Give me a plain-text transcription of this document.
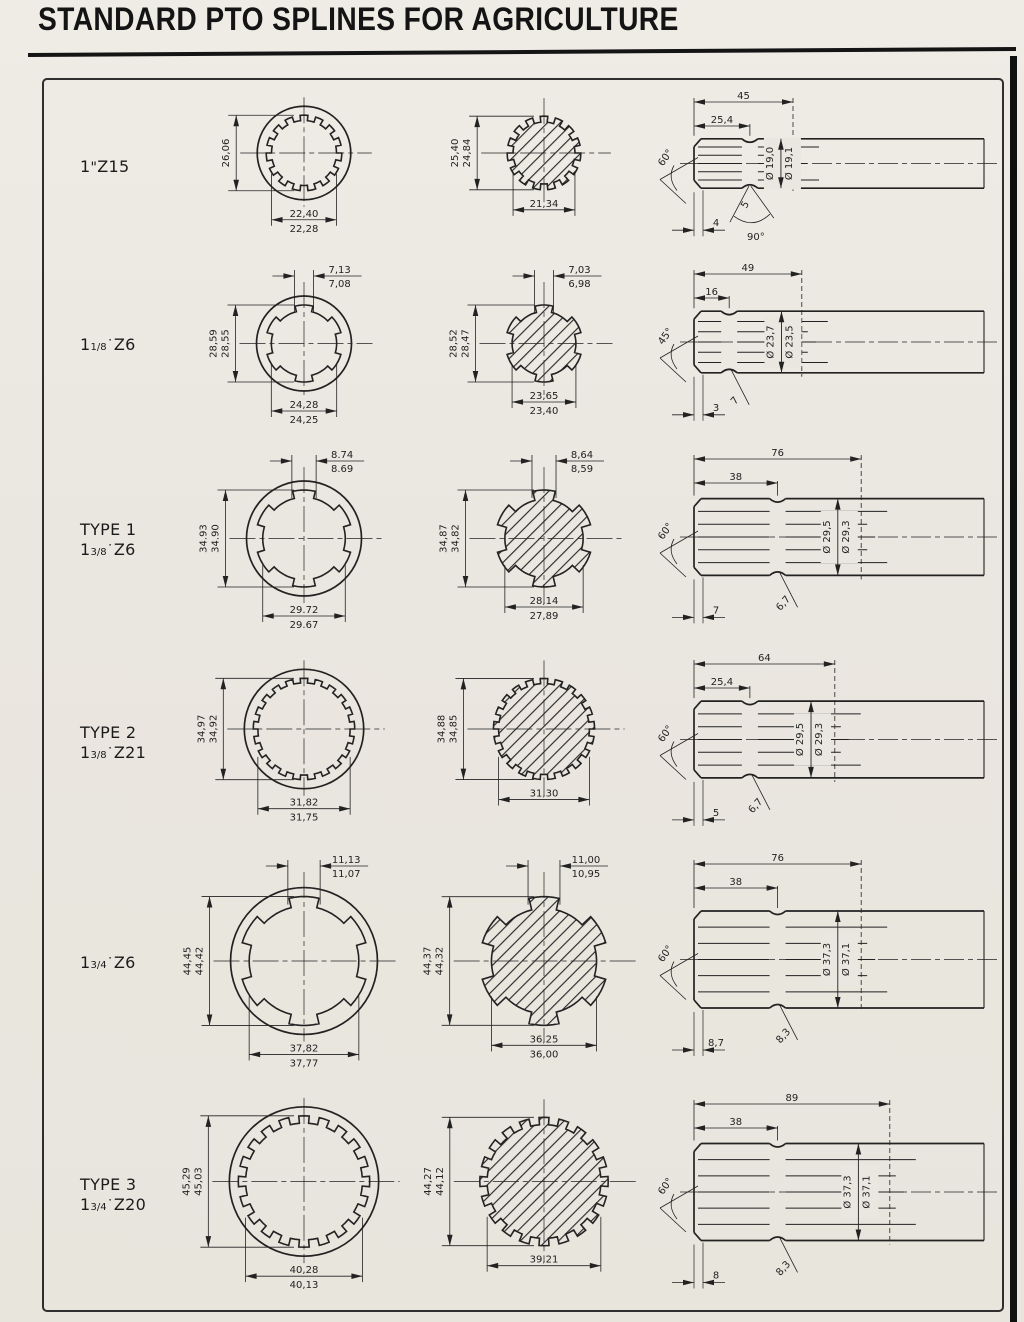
STANDARD PTO SPLINES FOR AGRICULTURE
1"Z15	26,06
22,40
22,28
25,40 24,84
21,34
45
25,4
Ø 19,0 Ø 19,1
60°
5
90°
4
11/8˙Z6
7,13
7,08
28,59 28,55
24,28
24,25
7,03
6,98
28,52 28,47
23,65
23,40
49
16
Ø 23,7 Ø 23,5
45°
7
3
TYPE 1
13/8˙Z6
8.74
8.69
34.93 34.90
29.72
29.67
8,64
8,59
34,87 34,82
28,14
27,89
76
38
Ø 29,5 Ø 29,3
60°
6,7
7
TYPE 2
13/8˙Z21
34,97 34,92
31,82
31,75
34,88 34,85
31,30
64
25,4
Ø 29,5 Ø 29,3
60°
6,7
5
13/4˙Z6
11,13
11,07
44,45 44,42
37,82
37,77
11,00
10,95
44,37 44,32
36,25
36,00
76
38
Ø 37,3 Ø 37,1
60°
8,3
8,7
TYPE 3
13/4˙Z20
45,29 45,03
40,28
40,13
44,27 44,12
39,21
89
38
Ø 37,3 Ø 37,1
60°
8,3
8
